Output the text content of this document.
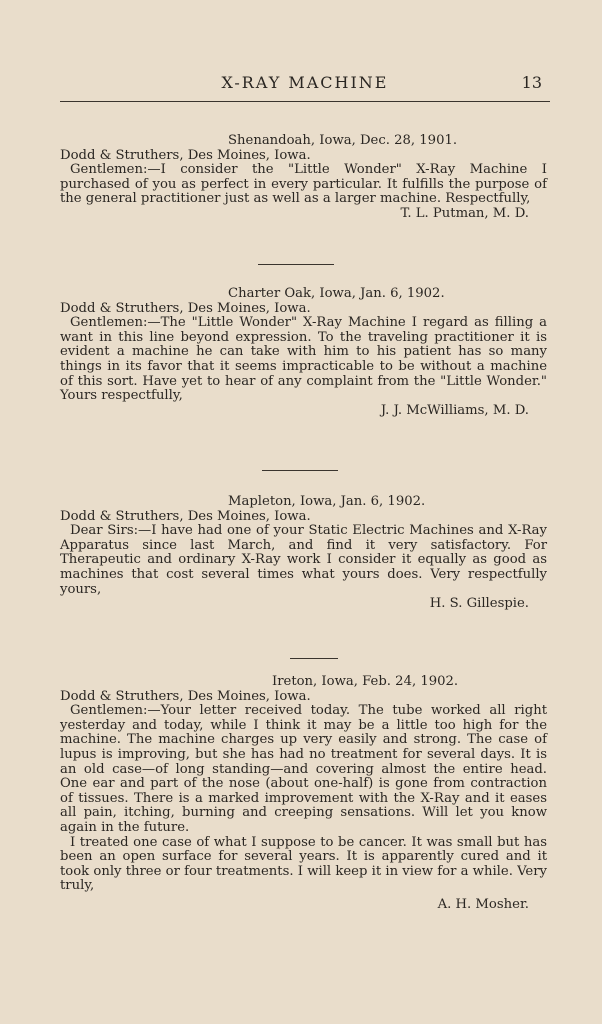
X-RAY MACHINE	13
Shenandoah, Iowa, Dec. 28, 1901.
Dodd & Struthers, Des Moines, Iowa.

Gentlemen:—I consider the "Little Wonder" X-Ray Machine I purchased of you as perfect in every particular. It fulfills the purpose of the general practitioner just as well as a larger machine. Respectfully,

T. L. Putman, M. D.
Charter Oak, Iowa, Jan. 6, 1902.
Dodd & Struthers, Des Moines, Iowa.

Gentlemen:—The "Little Wonder" X-Ray Machine I regard as filling a want in this line beyond expression. To the traveling practitioner it is evident a machine he can take with him to his patient has so many things in its favor that it seems impracticable to be without a machine of this sort. Have yet to hear of any complaint from the "Little Wonder." Yours respectfully,

J. J. McWilliams, M. D.
Mapleton, Iowa, Jan. 6, 1902.
Dodd & Struthers, Des Moines, Iowa.

Dear Sirs:—I have had one of your Static Electric Machines and X-Ray Apparatus since last March, and find it very satisfactory. For Therapeutic and ordinary X-Ray work I consider it equally as good as machines that cost several times what yours does. Very respectfully yours,

H. S. Gillespie.
Ireton, Iowa, Feb. 24, 1902.
Dodd & Struthers, Des Moines, Iowa.

Gentlemen:—Your letter received today. The tube worked all right yesterday and today, while I think it may be a little too high for the machine. The machine charges up very easily and strong. The case of lupus is improving, but she has had no treatment for several days. It is an old case—of long standing—and covering almost the entire head. One ear and part of the nose (about one-half) is gone from contraction of tissues. There is a marked improvement with the X-Ray and it eases all pain, itching, burning and creeping sensations. Will let you know again in the future.

I treated one case of what I suppose to be cancer. It was small but has been an open surface for several years. It is apparently cured and it took only three or four treatments. I will keep it in view for a while. Very truly,

A. H. Mosher.
